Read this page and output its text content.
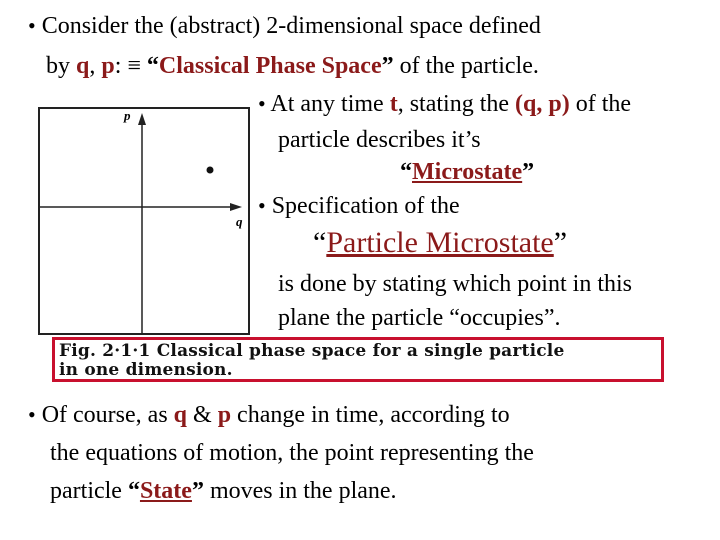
• Consider the (abstract) 2-dimensional space defined
by q, p: ≡ “Classical Phase Space” of the particle.
p
q
• At any time t, stating the (q, p) of the
particle describes it’s
“Microstate”
• Specification of the
“Particle Microstate”
is done by stating which point in this
plane the particle “occupies”.
Fig. 2·1·1 Classical phase space for a single particle
in one dimension.
• Of course, as q & p change in time, according to
the equations of motion, the point representing the
particle “State” moves in the plane.
